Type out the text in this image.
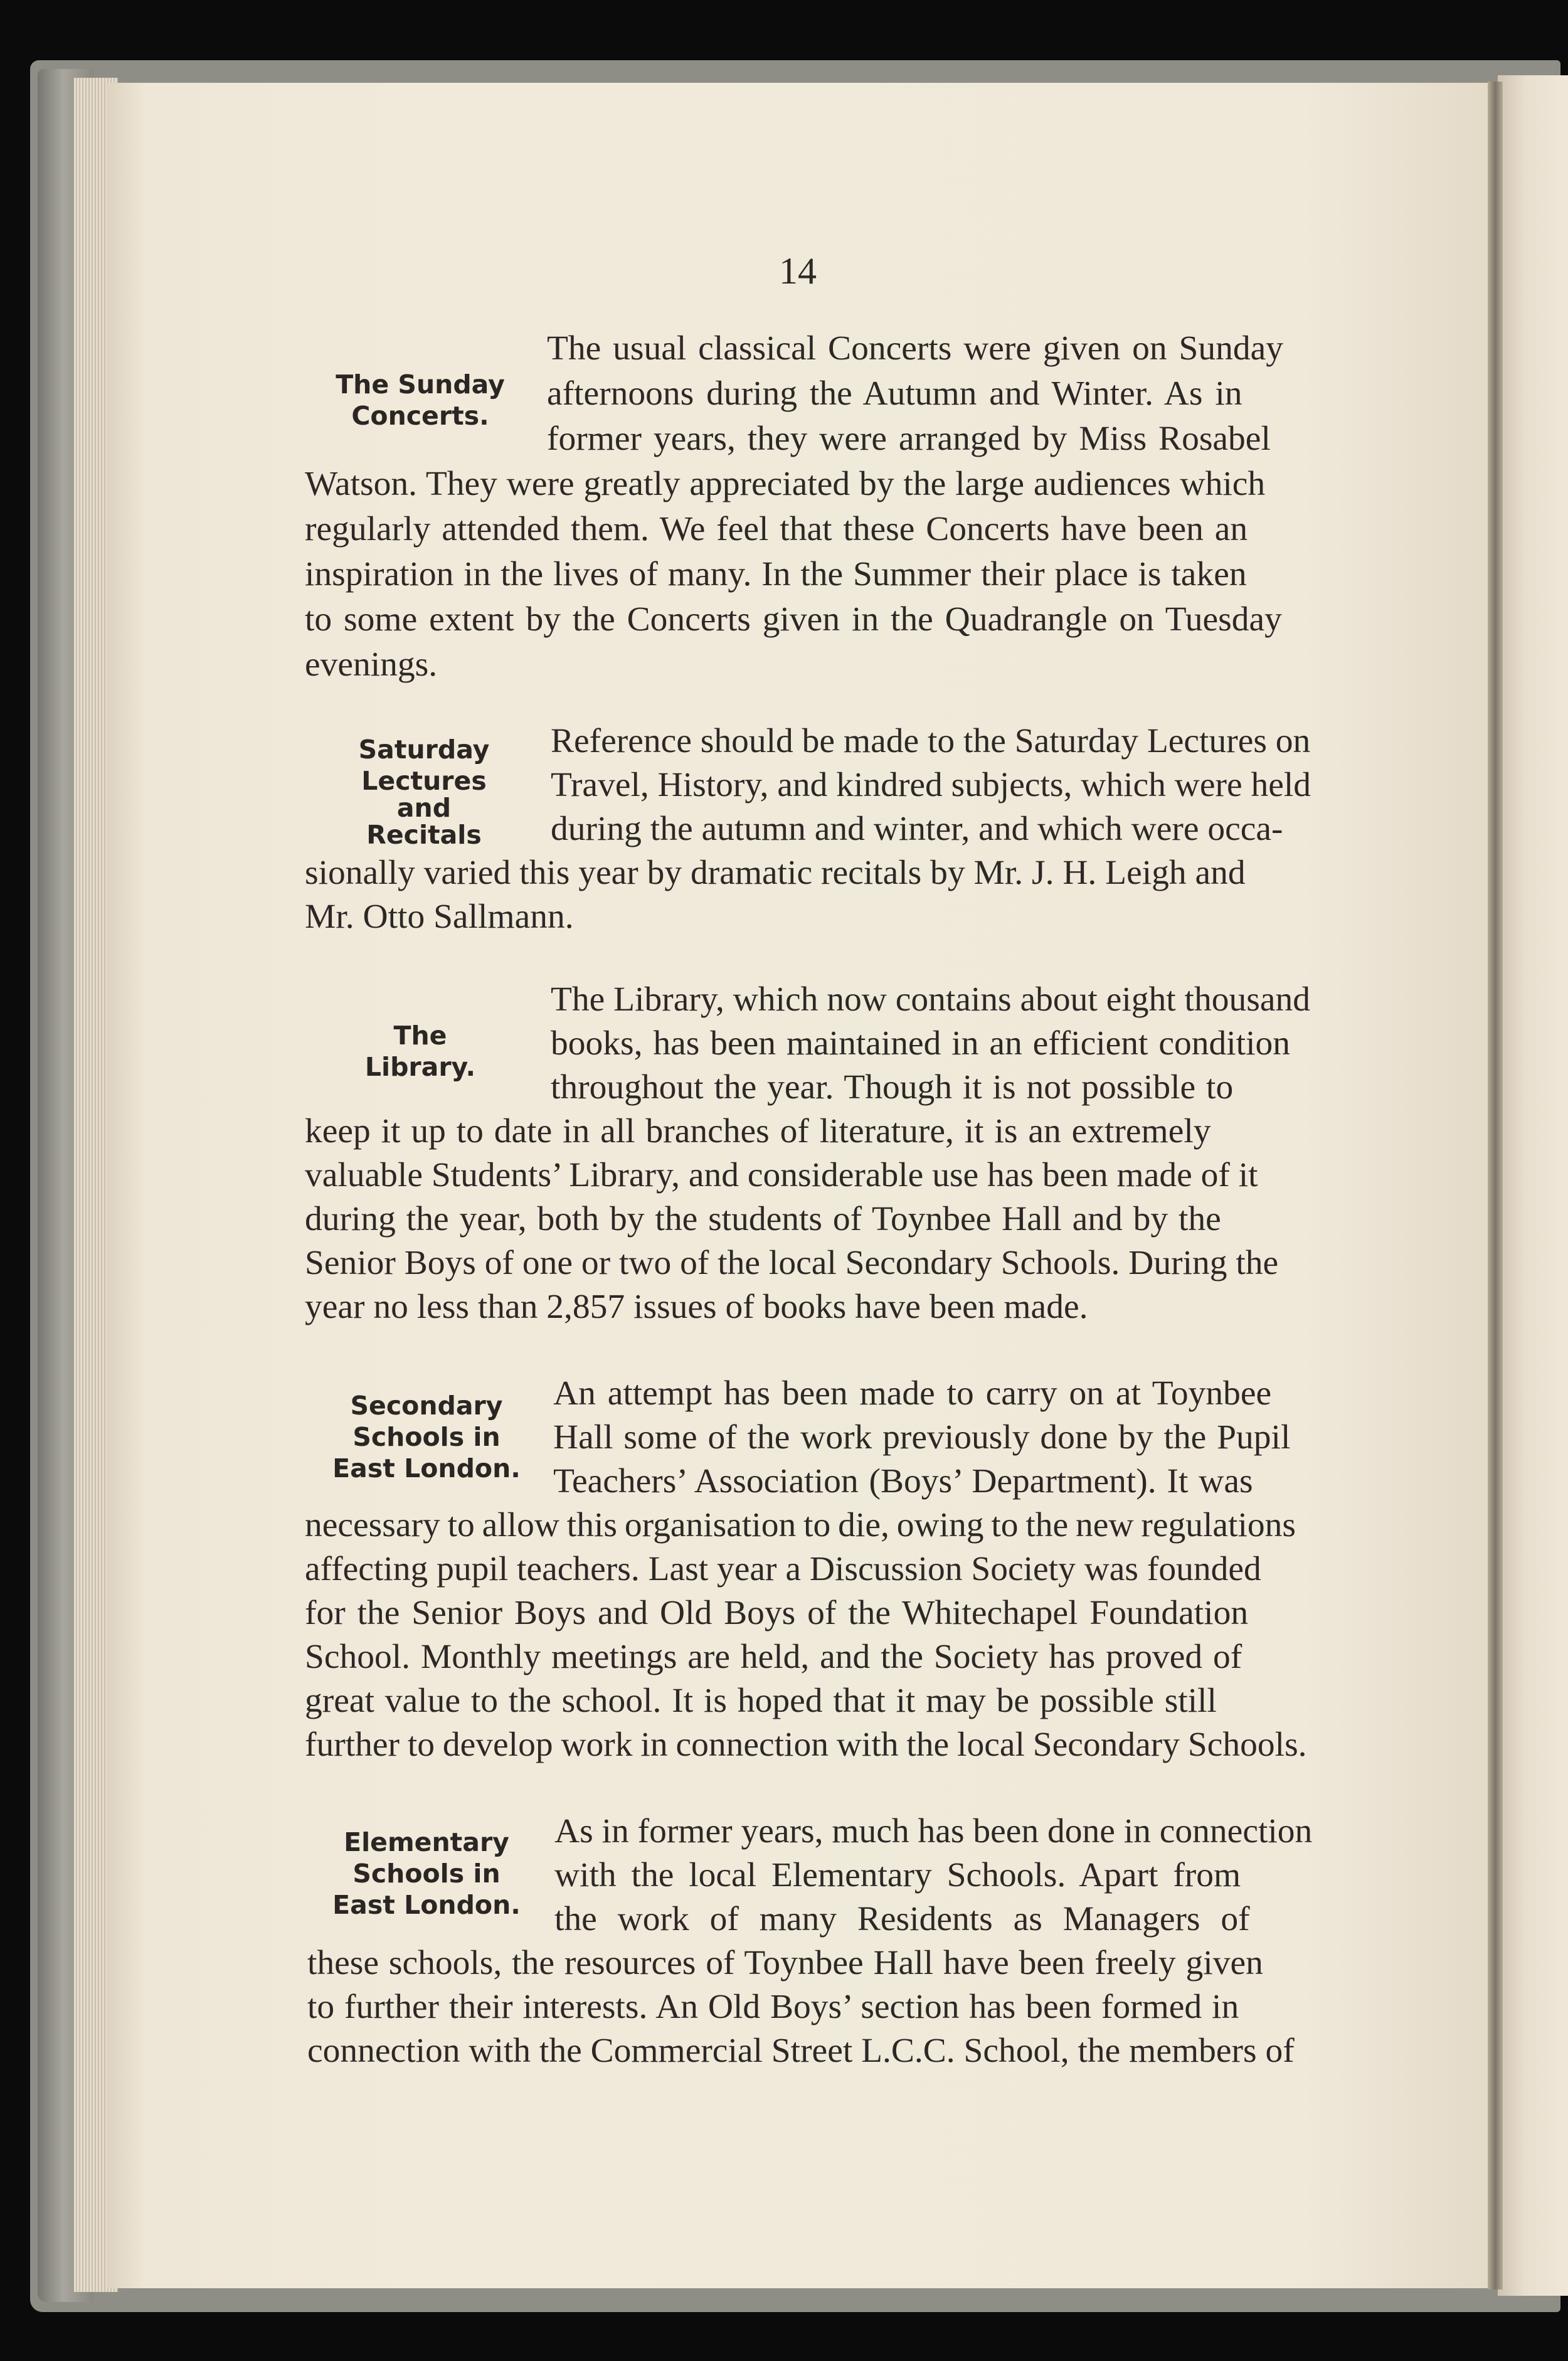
14
The Sunday
Concerts.

The usual classical Concerts were given on Sunday

afternoons during the Autumn and Winter. As in

former years, they were arranged by Miss Rosabel

Watson. They were greatly appreciated by the large audiences which

regularly attended them. We feel that these Concerts have been an

inspiration in the lives of many. In the Summer their place is taken

to some extent by the Concerts given in the Quadrangle on Tuesday

evenings.

Saturday
Lectures
and
Recitals

Reference should be made to the Saturday Lectures on

Travel, History, and kindred subjects, which were held

during the autumn and winter, and which were occa-

sionally varied this year by dramatic recitals by Mr. J. H. Leigh and

Mr. Otto Sallmann.

The
Library.

The Library, which now contains about eight thousand

books, has been maintained in an efficient condition

throughout the year. Though it is not possible to

keep it up to date in all branches of literature, it is an extremely

valuable Students’ Library, and considerable use has been made of it

during the year, both by the students of Toynbee Hall and by the

Senior Boys of one or two of the local Secondary Schools. During the

year no less than 2,857 issues of books have been made.

Secondary
Schools in
East London.

An attempt has been made to carry on at Toynbee

Hall some of the work previously done by the Pupil

Teachers’ Association (Boys’ Department). It was

necessary to allow this organisation to die, owing to the new regulations

affecting pupil teachers. Last year a Discussion Society was founded

for the Senior Boys and Old Boys of the Whitechapel Foundation

School. Monthly meetings are held, and the Society has proved of

great value to the school. It is hoped that it may be possible still

further to develop work in connection with the local Secondary Schools.

Elementary
Schools in
East London.

As in former years, much has been done in connection

with the local Elementary Schools. Apart from

the work of many Residents as Managers of

these schools, the resources of Toynbee Hall have been freely given

to further their interests. An Old Boys’ section has been formed in

connection with the Commercial Street L.C.C. School, the members of
